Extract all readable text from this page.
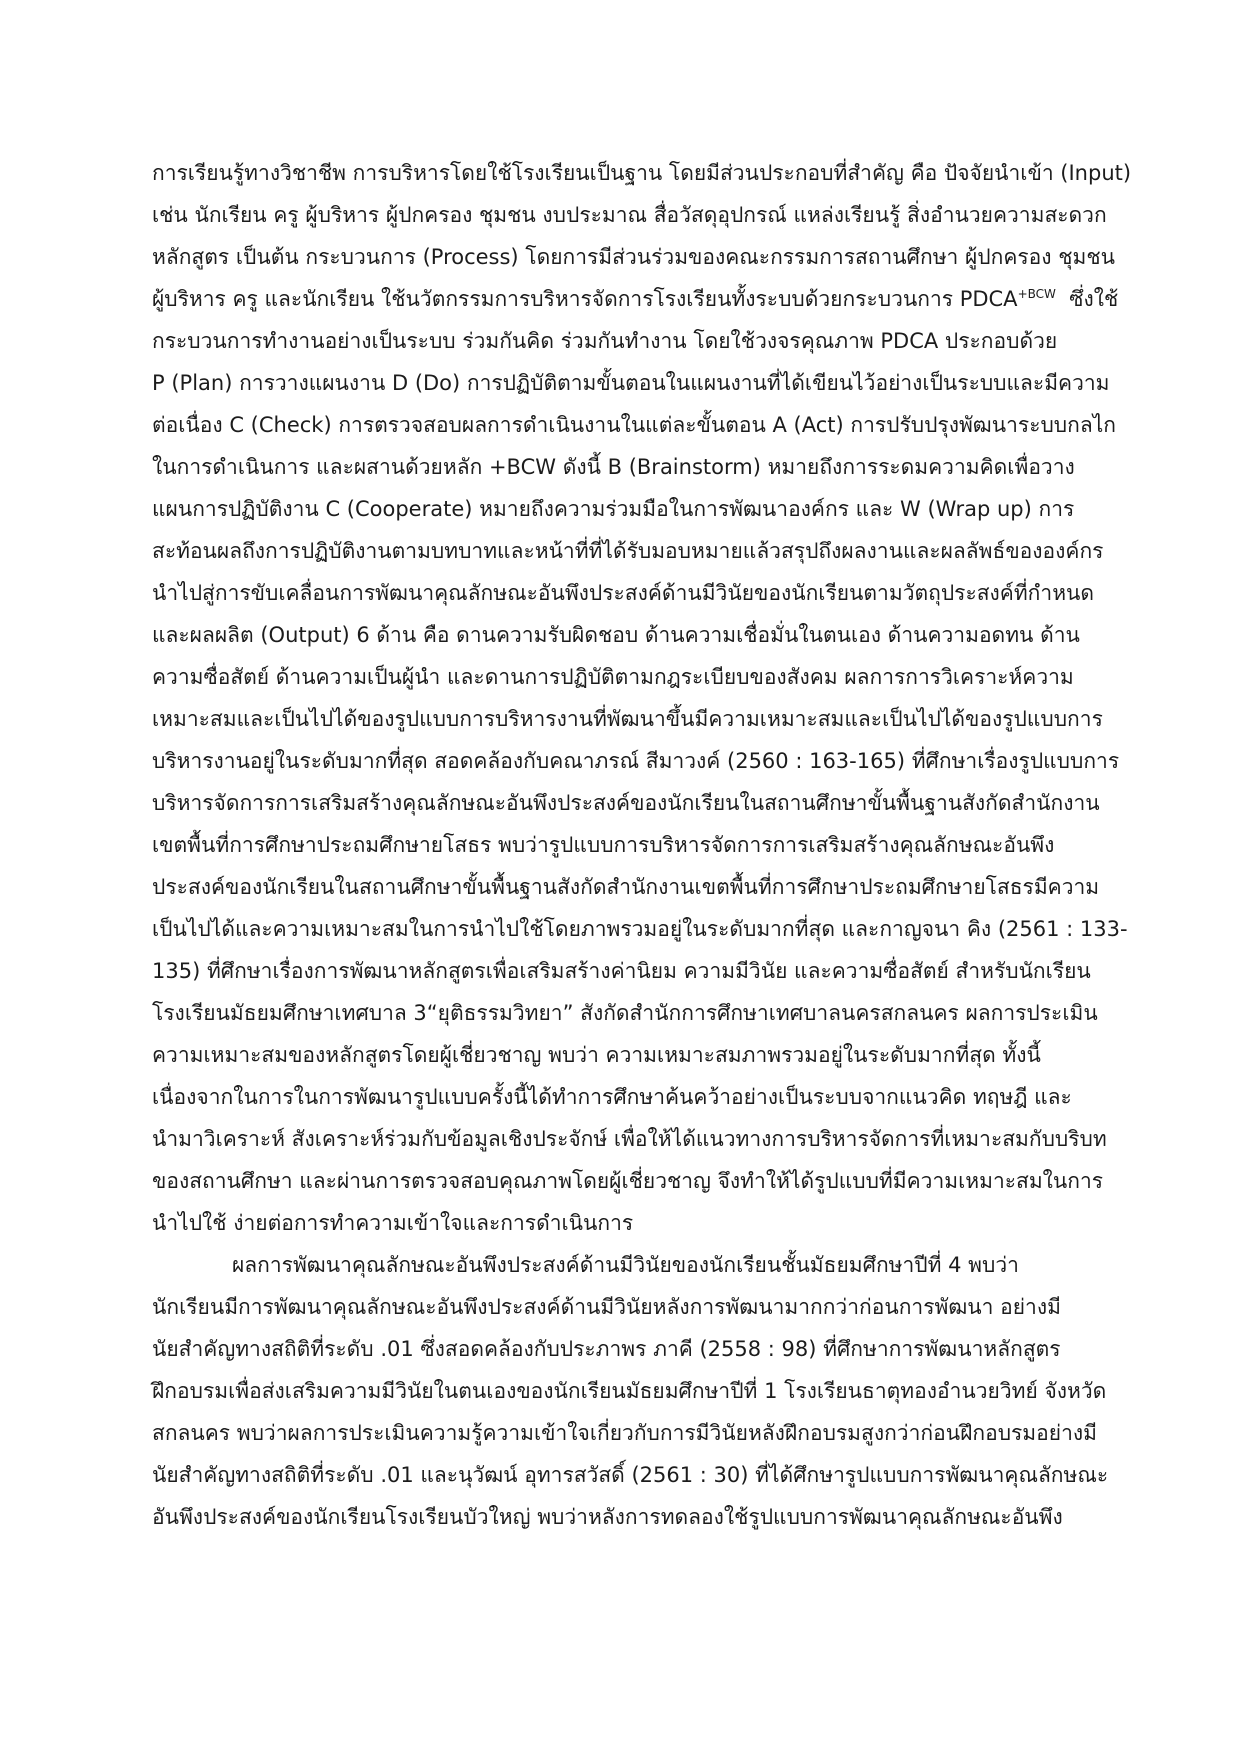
การเรียนรู้ทางวิชาชีพ การบริหารโดยใช้โรงเรียนเป็นฐาน โดยมีส่วนประกอบที่สำคัญ คือ ปัจจัยนำเข้า (Input)
เช่น นักเรียน ครู ผู้บริหาร ผู้ปกครอง ชุมชน งบประมาณ สื่อวัสดุอุปกรณ์ แหล่งเรียนรู้ สิ่งอำนวยความสะดวก
หลักสูตร เป็นต้น กระบวนการ (Process) โดยการมีส่วนร่วมของคณะกรรมการสถานศึกษา ผู้ปกครอง ชุมชน
ผู้บริหาร ครู และนักเรียน ใช้นวัตกรรมการบริหารจัดการโรงเรียนทั้งระบบด้วยกระบวนการ $PDCA^{+BCW}$  ซึ่งใช้
กระบวนการทำงานอย่างเป็นระบบ ร่วมกันคิด ร่วมกันทำงาน โดยใช้วงจรคุณภาพ PDCA ประกอบด้วย
P (Plan) การวางแผนงาน D (Do) การปฏิบัติตามขั้นตอนในแผนงานที่ได้เขียนไว้อย่างเป็นระบบและมีความ
ต่อเนื่อง C (Check) การตรวจสอบผลการดำเนินงานในแต่ละขั้นตอน A (Act) การปรับปรุงพัฒนาระบบกลไก
ในการดำเนินการ และผสานด้วยหลัก +BCW ดังนี้ B (Brainstorm) หมายถึงการระดมความคิดเพื่อวาง
แผนการปฏิบัติงาน C (Cooperate) หมายถึงความร่วมมือในการพัฒนาองค์กร และ W (Wrap up) การ
สะท้อนผลถึงการปฏิบัติงานตามบทบาทและหน้าที่ที่ได้รับมอบหมายแล้วสรุปถึงผลงานและผลลัพธ์ขององค์กร
นำไปสู่การขับเคลื่อนการพัฒนาคุณลักษณะอันพึงประสงค์ด้านมีวินัยของนักเรียนตามวัตถุประสงค์ที่กำหนด
และผลผลิต (Output) 6 ด้าน คือ ดานความรับผิดชอบ ด้านความเชื่อมั่นในตนเอง ด้านความอดทน ด้าน
ความซื่อสัตย์ ด้านความเป็นผู้นำ และดานการปฏิบัติตามกฎระเบียบของสังคม ผลการการวิเคราะห์ความ
เหมาะสมและเป็นไปได้ของรูปแบบการบริหารงานที่พัฒนาขึ้นมีความเหมาะสมและเป็นไปได้ของรูปแบบการ
บริหารงานอยู่ในระดับมากที่สุด สอดคล้องกับคณาภรณ์ สีมาวงค์ (2560 : 163-165) ที่ศึกษาเรื่องรูปแบบการ
บริหารจัดการการเสริมสร้างคุณลักษณะอันพึงประสงค์ของนักเรียนในสถานศึกษาขั้นพื้นฐานสังกัดสำนักงาน
เขตพื้นที่การศึกษาประถมศึกษายโสธร พบว่ารูปแบบการบริหารจัดการการเสริมสร้างคุณลักษณะอันพึง
ประสงค์ของนักเรียนในสถานศึกษาขั้นพื้นฐานสังกัดสำนักงานเขตพื้นที่การศึกษาประถมศึกษายโสธรมีความ
เป็นไปได้และความเหมาะสมในการนำไปใช้โดยภาพรวมอยู่ในระดับมากที่สุด และกาญจนา คิง (2561 : 133-
135) ที่ศึกษาเรื่องการพัฒนาหลักสูตรเพื่อเสริมสร้างค่านิยม ความมีวินัย และความซื่อสัตย์ สำหรับนักเรียน
โรงเรียนมัธยมศึกษาเทศบาล 3“ยุติธรรมวิทยา” สังกัดสำนักการศึกษาเทศบาลนครสกลนคร ผลการประเมิน
ความเหมาะสมของหลักสูตรโดยผู้เชี่ยวชาญ พบว่า ความเหมาะสมภาพรวมอยู่ในระดับมากที่สุด ทั้งนี้
เนื่องจากในการในการพัฒนารูปแบบครั้งนี้ได้ทำการศึกษาค้นคว้าอย่างเป็นระบบจากแนวคิด ทฤษฎี และ
นำมาวิเคราะห์ สังเคราะห์ร่วมกับข้อมูลเชิงประจักษ์ เพื่อให้ได้แนวทางการบริหารจัดการที่เหมาะสมกับบริบท
ของสถานศึกษา และผ่านการตรวจสอบคุณภาพโดยผู้เชี่ยวชาญ จึงทำให้ได้รูปแบบที่มีความเหมาะสมในการ
นำไปใช้ ง่ายต่อการทำความเข้าใจและการดำเนินการ
ผลการพัฒนาคุณลักษณะอันพึงประสงค์ด้านมีวินัยของนักเรียนชั้นมัธยมศึกษาปีที่ 4 พบว่า
นักเรียนมีการพัฒนาคุณลักษณะอันพึงประสงค์ด้านมีวินัยหลังการพัฒนามากกว่าก่อนการพัฒนา อย่างมี
นัยสำคัญทางสถิติที่ระดับ .01 ซึ่งสอดคล้องกับประภาพร ภาคี (2558 : 98) ที่ศึกษาการพัฒนาหลักสูตร
ฝึกอบรมเพื่อส่งเสริมความมีวินัยในตนเองของนักเรียนมัธยมศึกษาปีที่ 1 โรงเรียนธาตุทองอำนวยวิทย์ จังหวัด
สกลนคร พบว่าผลการประเมินความรู้ความเข้าใจเกี่ยวกับการมีวินัยหลังฝึกอบรมสูงกว่าก่อนฝึกอบรมอย่างมี
นัยสำคัญทางสถิติที่ระดับ .01 และนุวัฒน์ อุทารสวัสดิ์ (2561 : 30) ที่ได้ศึกษารูปแบบการพัฒนาคุณลักษณะ
อันพึงประสงค์ของนักเรียนโรงเรียนบัวใหญ่ พบว่าหลังการทดลองใช้รูปแบบการพัฒนาคุณลักษณะอันพึง
